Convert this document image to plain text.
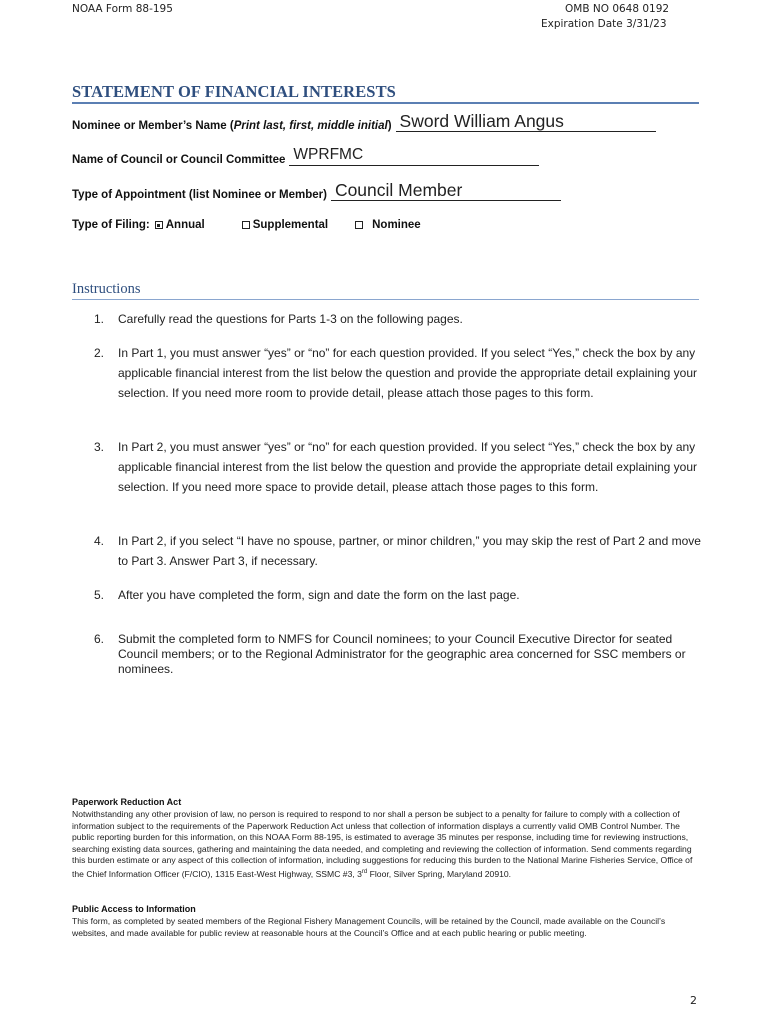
NOAA Form 88-195	OMB NO 0648 0192
Expiration Date 3/31/23
STATEMENT OF FINANCIAL INTERESTS
Nominee or Member’s Name (Print last, first, middle initial) Sword William Angus
Name of Council or Council Committee WPRFMC
Type of Appointment (list Nominee or Member) Council Member
Type of Filing: Annual	Supplemental	Nominee
Instructions
1.	Carefully read the questions for Parts 1-3 on the following pages.
2.	In Part 1, you must answer “yes” or “no” for each question provided. If you select “Yes,” check the box by any applicable financial interest from the list below the question and provide the appropriate detail explaining your selection. If you need more room to provide detail, please attach those pages to this form.
3.	In Part 2, you must answer “yes” or “no” for each question provided. If you select “Yes,” check the box by any applicable financial interest from the list below the question and provide the appropriate detail explaining your selection. If you need more space to provide detail, please attach those pages to this form.
4.	In Part 2, if you select “I have no spouse, partner, or minor children,” you may skip the rest of Part 2 and move to Part 3. Answer Part 3, if necessary.
5.	After you have completed the form, sign and date the form on the last page.
6.	Submit the completed form to NMFS for Council nominees; to your Council Executive Director for seated Council members; or to the Regional Administrator for the geographic area concerned for SSC members or nominees.
Paperwork Reduction Act
Notwithstanding any other provision of law, no person is required to respond to nor shall a person be subject to a penalty for failure to comply with a collection of information subject to the requirements of the Paperwork Reduction Act unless that collection of information displays a currently valid OMB Control Number. The public reporting burden for this information, on this NOAA Form 88-195, is estimated to average 35 minutes per response, including time for reviewing instructions, searching existing data sources, gathering and maintaining the data needed, and completing and reviewing the collection of information. Send comments regarding this burden estimate or any aspect of this collection of information, including suggestions for reducing this burden to the National Marine Fisheries Service, Office of the Chief Information Officer (F/CIO), 1315 East-West Highway, SSMC #3, 3rd Floor, Silver Spring, Maryland 20910.
Public Access to Information
This form, as completed by seated members of the Regional Fishery Management Councils, will be retained by the Council, made available on the Council’s websites, and made available for public review at reasonable hours at the Council’s Office and at each public hearing or public meeting.
2
